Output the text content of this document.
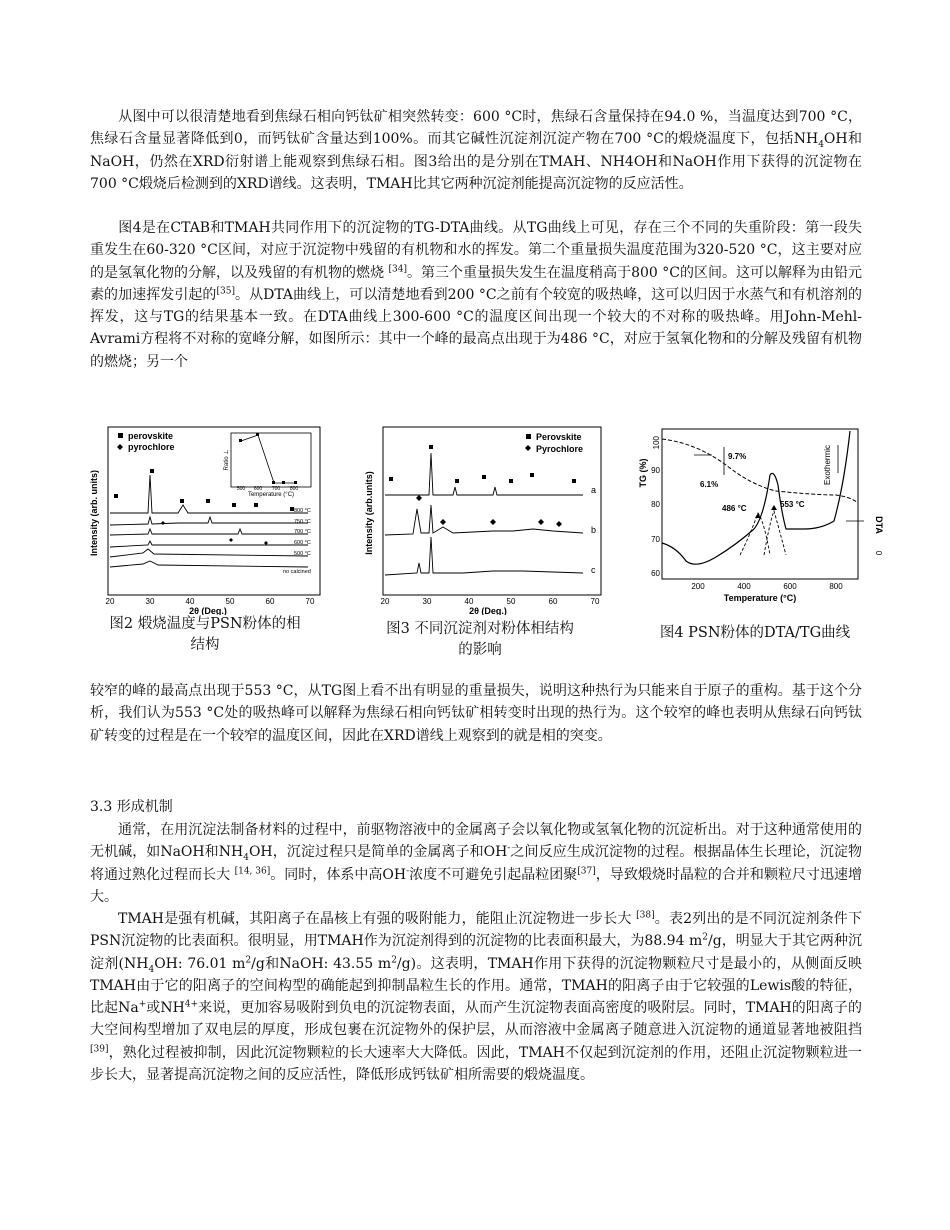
从图中可以很清楚地看到焦绿石相向钙钛矿相突然转变：600 °C时，焦绿石含量保持在94.0 %，当温度达到700 °C，焦绿石含量显著降低到0，而钙钛矿含量达到100%。而其它碱性沉淀剂沉淀产物在700 °C的煅烧温度下，包括$NH_4OH$和NaOH，仍然在XRD衍射谱上能观察到焦绿石相。图3给出的是分别在TMAH、NH4OH和NaOH作用下获得的沉淀物在700 °C煅烧后检测到的XRD谱线。这表明，TMAH比其它两种沉淀剂能提高沉淀物的反应活性。

图4是在CTAB和TMAH共同作用下的沉淀物的TG-DTA曲线。从TG曲线上可见，存在三个不同的失重阶段：第一段失重发生在60-320 °C区间，对应于沉淀物中残留的有机物和水的挥发。第二个重量损失温度范围为320-520 °C，这主要对应的是氢氧化物的分解，以及残留的有机物的燃烧 [34]。第三个重量损失发生在温度稍高于800 °C的区间。这可以解释为由铅元素的加速挥发引起的[35]。从DTA曲线上，可以清楚地看到200 °C之前有个较宽的吸热峰，这可以归因于水蒸气和有机溶剂的挥发，这与TG的结果基本一致。在DTA曲线上300-600 °C的温度区间出现一个较大的不对称的吸热峰。用John-Mehl-Avrami方程将不对称的宽峰分解，如图所示：其中一个峰的最高点出现于为486 °C，对应于氢氧化物和的分解及残留有机物的燃烧；另一个

Intensity (arb. units)
perovskite
pyrochlore
Ratio ⊥
Temperature (°C)
500 600 700 800
800 °C
750 °C
700 °C
600 °C
500 °C
no calcined
20	30	40	50	60	70
2θ (Deg.)
图2 煅烧温度与PSN粉体的相
结构
Intensity (arb.units)
Perovskite
Pyrochlore
a
b
c
20	30	40	50	60	70
2θ (Deg.)
图3 不同沉淀剂对粉体相结构
的影响
TG (%)
100
90
80
70
60
9.7%
6.1%
486 °C	553 °C
Exothermic
DTA
0
200	400	600	800
Temperature (°C)
图4 PSN粉体的DTA/TG曲线

较窄的峰的最高点出现于553 °C，从TG图上看不出有明显的重量损失，说明这种热行为只能来自于原子的重构。基于这个分析，我们认为553 °C处的吸热峰可以解释为焦绿石相向钙钛矿相转变时出现的热行为。这个较窄的峰也表明从焦绿石向钙钛矿转变的过程是在一个较窄的温度区间，因此在XRD谱线上观察到的就是相的突变。

3.3 形成机制

通常，在用沉淀法制备材料的过程中，前驱物溶液中的金属离子会以氧化物或氢氧化物的沉淀析出。对于这种通常使用的无机碱，如NaOH和$NH_4OH$，沉淀过程只是简单的金属离子和OH-之间反应生成沉淀物的过程。根据晶体生长理论，沉淀物将通过熟化过程而长大 [14, 36]。同时，体系中高OH-浓度不可避免引起晶粒团聚[37]，导致煅烧时晶粒的合并和颗粒尺寸迅速增大。

TMAH是强有机碱，其阳离子在晶核上有强的吸附能力，能阻止沉淀物进一步长大 [38]。表2列出的是不同沉淀剂条件下PSN沉淀物的比表面积。很明显，用TMAH作为沉淀剂得到的沉淀物的比表面积最大，为88.94 $m^2/g$，明显大于其它两种沉淀剂($NH_4OH$: 76.01 $m^2/g$和NaOH: 43.55 $m^2/g$)。这表明，TMAH作用下获得的沉淀物颗粒尺寸是最小的，从侧面反映TMAH由于它的阳离子的空间构型的确能起到抑制晶粒生长的作用。通常，TMAH的阳离子由于它较强的Lewis酸的特征，比起Na+或$NH^{4+}$来说，更加容易吸附到负电的沉淀物表面，从而产生沉淀物表面高密度的吸附层。同时，TMAH的阳离子的大空间构型增加了双电层的厚度，形成包裹在沉淀物外的保护层，从而溶液中金属离子随意进入沉淀物的通道显著地被阻挡 [39]，熟化过程被抑制，因此沉淀物颗粒的长大速率大大降低。因此，TMAH不仅起到沉淀剂的作用，还阻止沉淀物颗粒进一步长大，显著提高沉淀物之间的反应活性，降低形成钙钛矿相所需要的煅烧温度。
